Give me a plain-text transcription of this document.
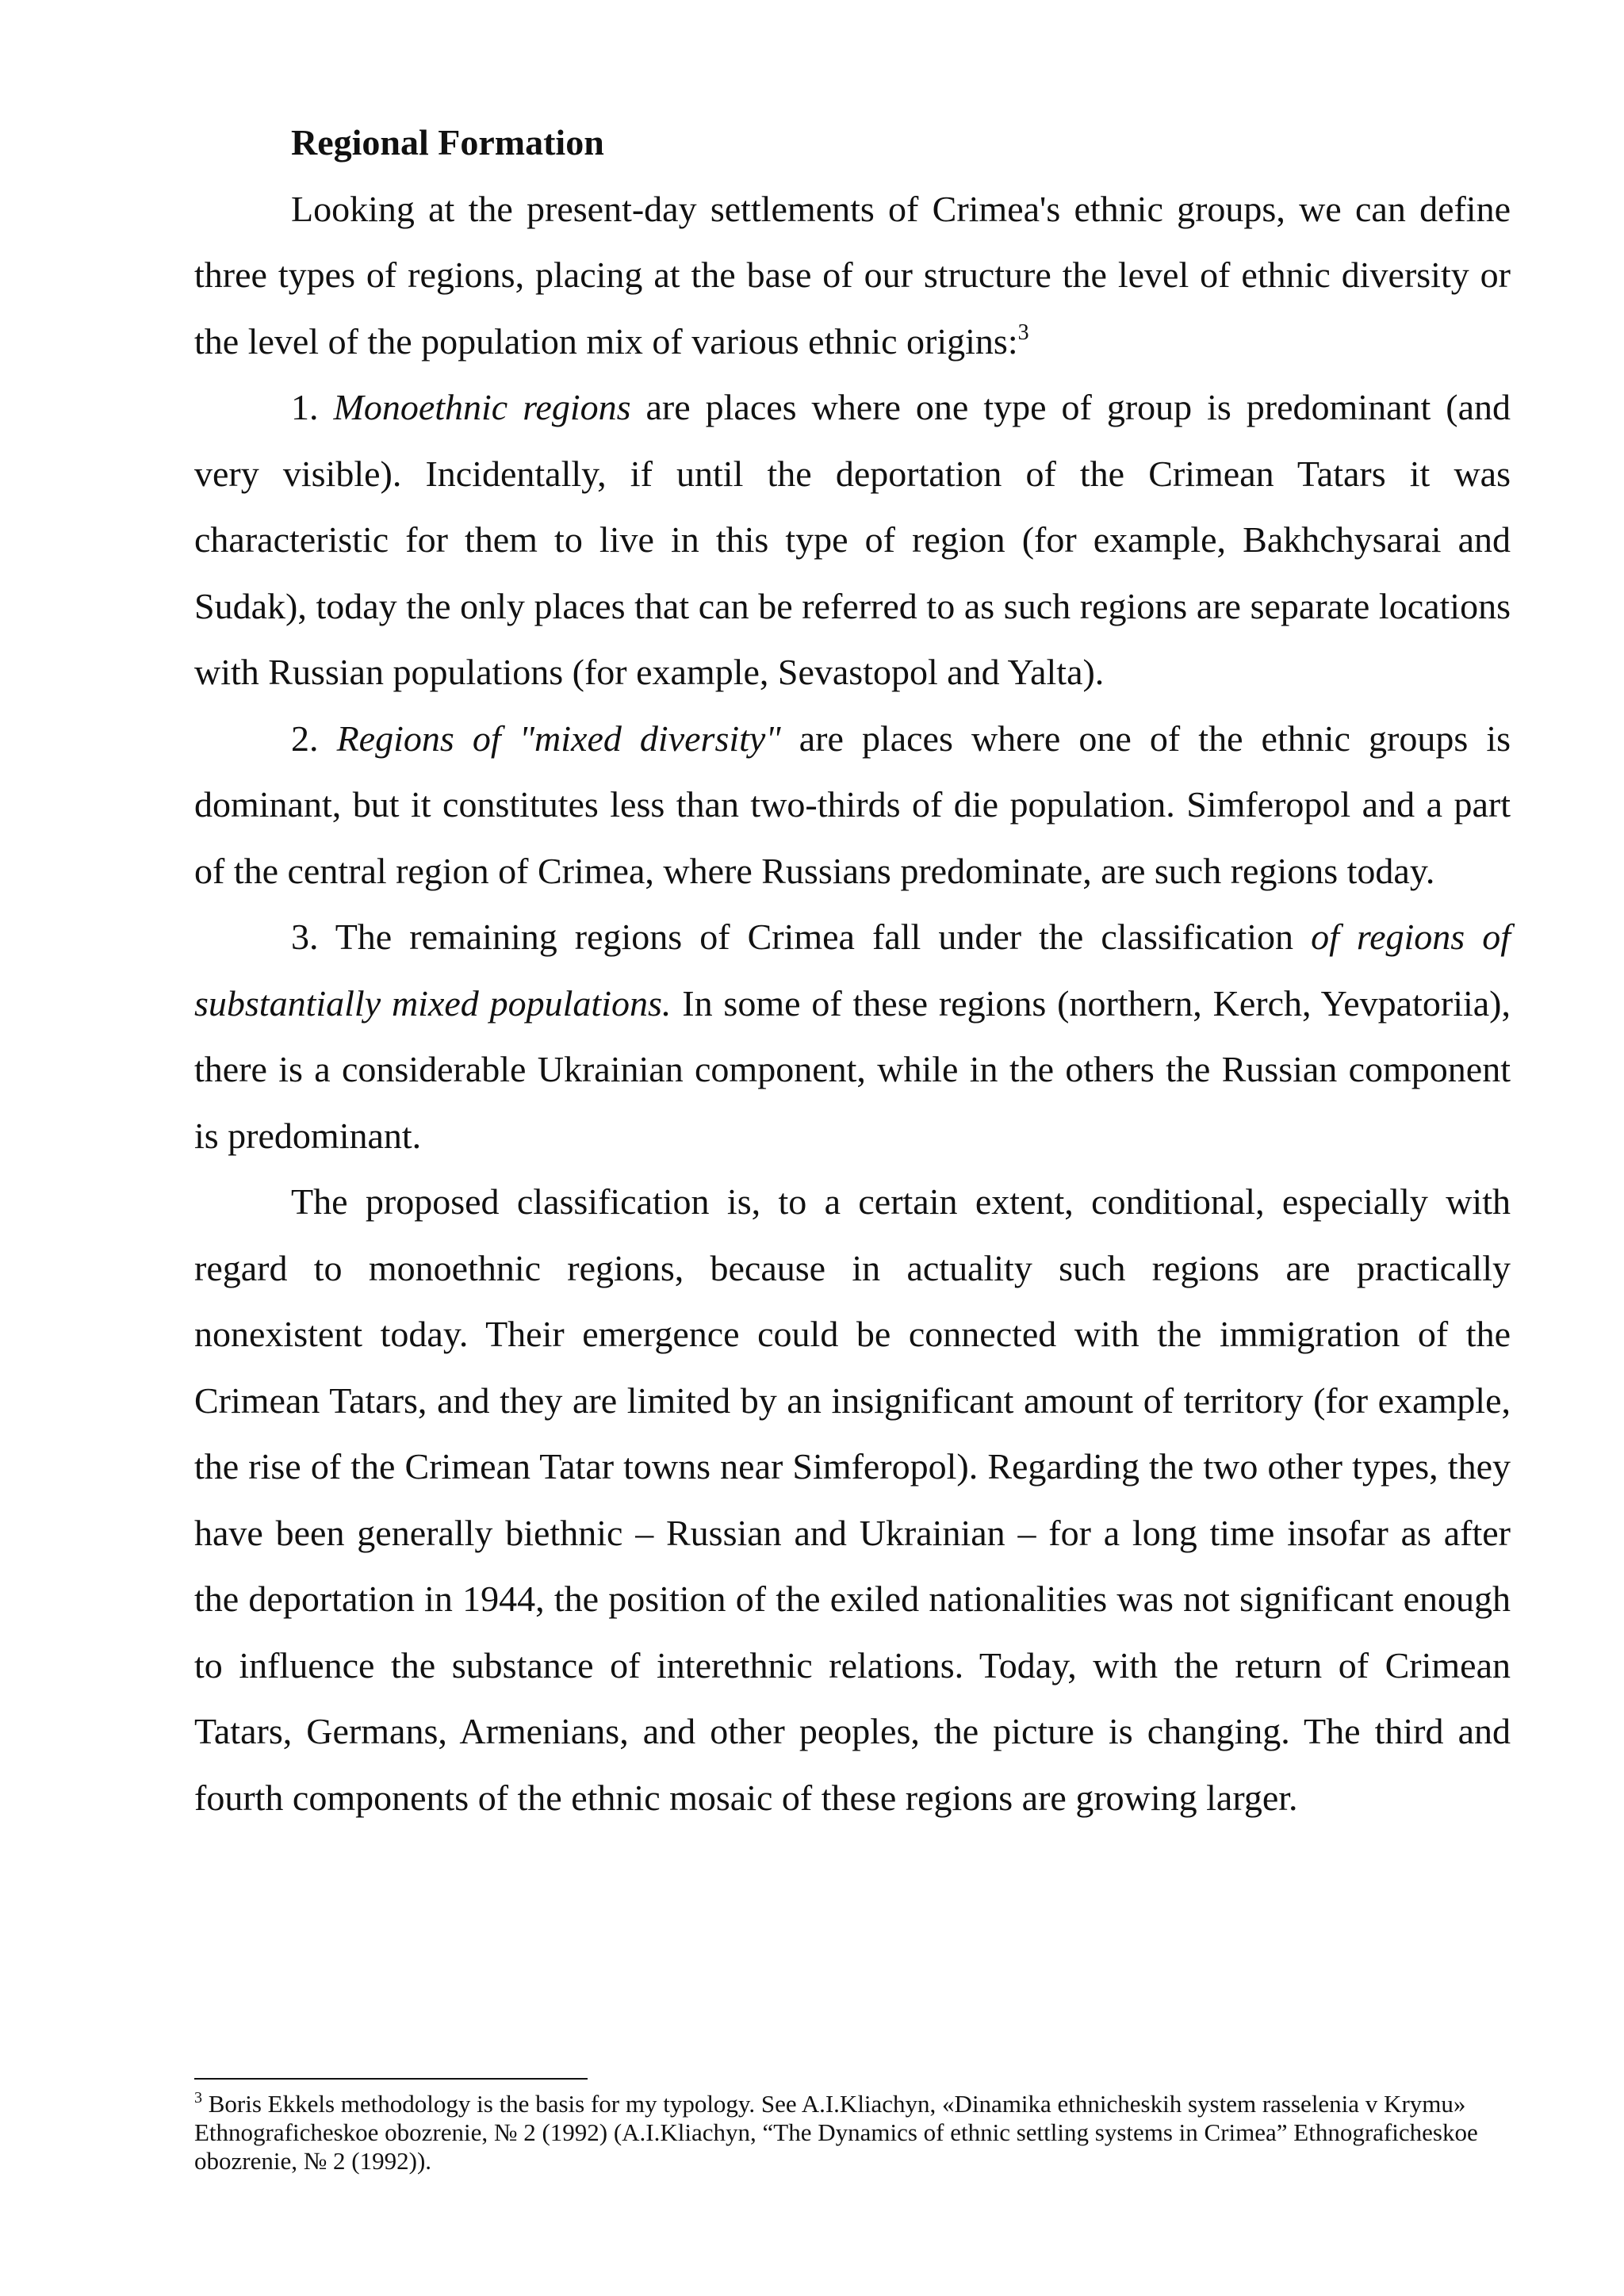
Regional Formation

Looking at the present-day settlements of Crimea's ethnic groups, we can define three types of regions, placing at the base of our structure the level of ethnic diversity or the level of the population mix of various ethnic origins:$^3$

1. Monoethnic regions are places where one type of group is predominant (and very visible). Incidentally, if until the deportation of the Crimean Tatars it was characteristic for them to live in this type of region (for example, Bakhchysarai and Sudak), today the only places that can be referred to as such regions are separate locations with Russian populations (for example, Sevastopol and Yalta).

2. Regions of "mixed diversity" are places where one of the ethnic groups is dominant, but it constitutes less than two-thirds of die population. Simferopol and a part of the central region of Crimea, where Russians predominate, are such regions today.

3. The remaining regions of Crimea fall under the classification of regions of substantially mixed populations. In some of these regions (northern, Kerch, Yevpatoriia), there is a considerable Ukrainian component, while in the others the Russian component is predominant.

The proposed classification is, to a certain extent, conditional, especially with regard to monoethnic regions, because in actuality such regions are practically nonexistent today. Their emergence could be connected with the immigration of the Crimean Tatars, and they are limited by an insignificant amount of territory (for example, the rise of the Crimean Tatar towns near Simferopol). Regarding the two other types, they have been generally biethnic – Russian and Ukrainian – for a long time insofar as after the deportation in 1944, the position of the exiled nationalities was not significant enough to influence the substance of interethnic relations. Today, with the return of Crimean Tatars, Germans, Armenians, and other peoples, the picture is changing. The third and fourth components of the ethnic mosaic of these regions are growing larger.

$^3$ Boris Ekkels methodology is the basis for my typology. See A.I.Kliachyn, «Dinamika ethnicheskih system rasselenia v Krymu» Ethnograficheskoe obozrenie, № 2 (1992) (A.I.Kliachyn, “The Dynamics of ethnic settling systems in Crimea” Ethnograficheskoe obozrenie, № 2 (1992)).
